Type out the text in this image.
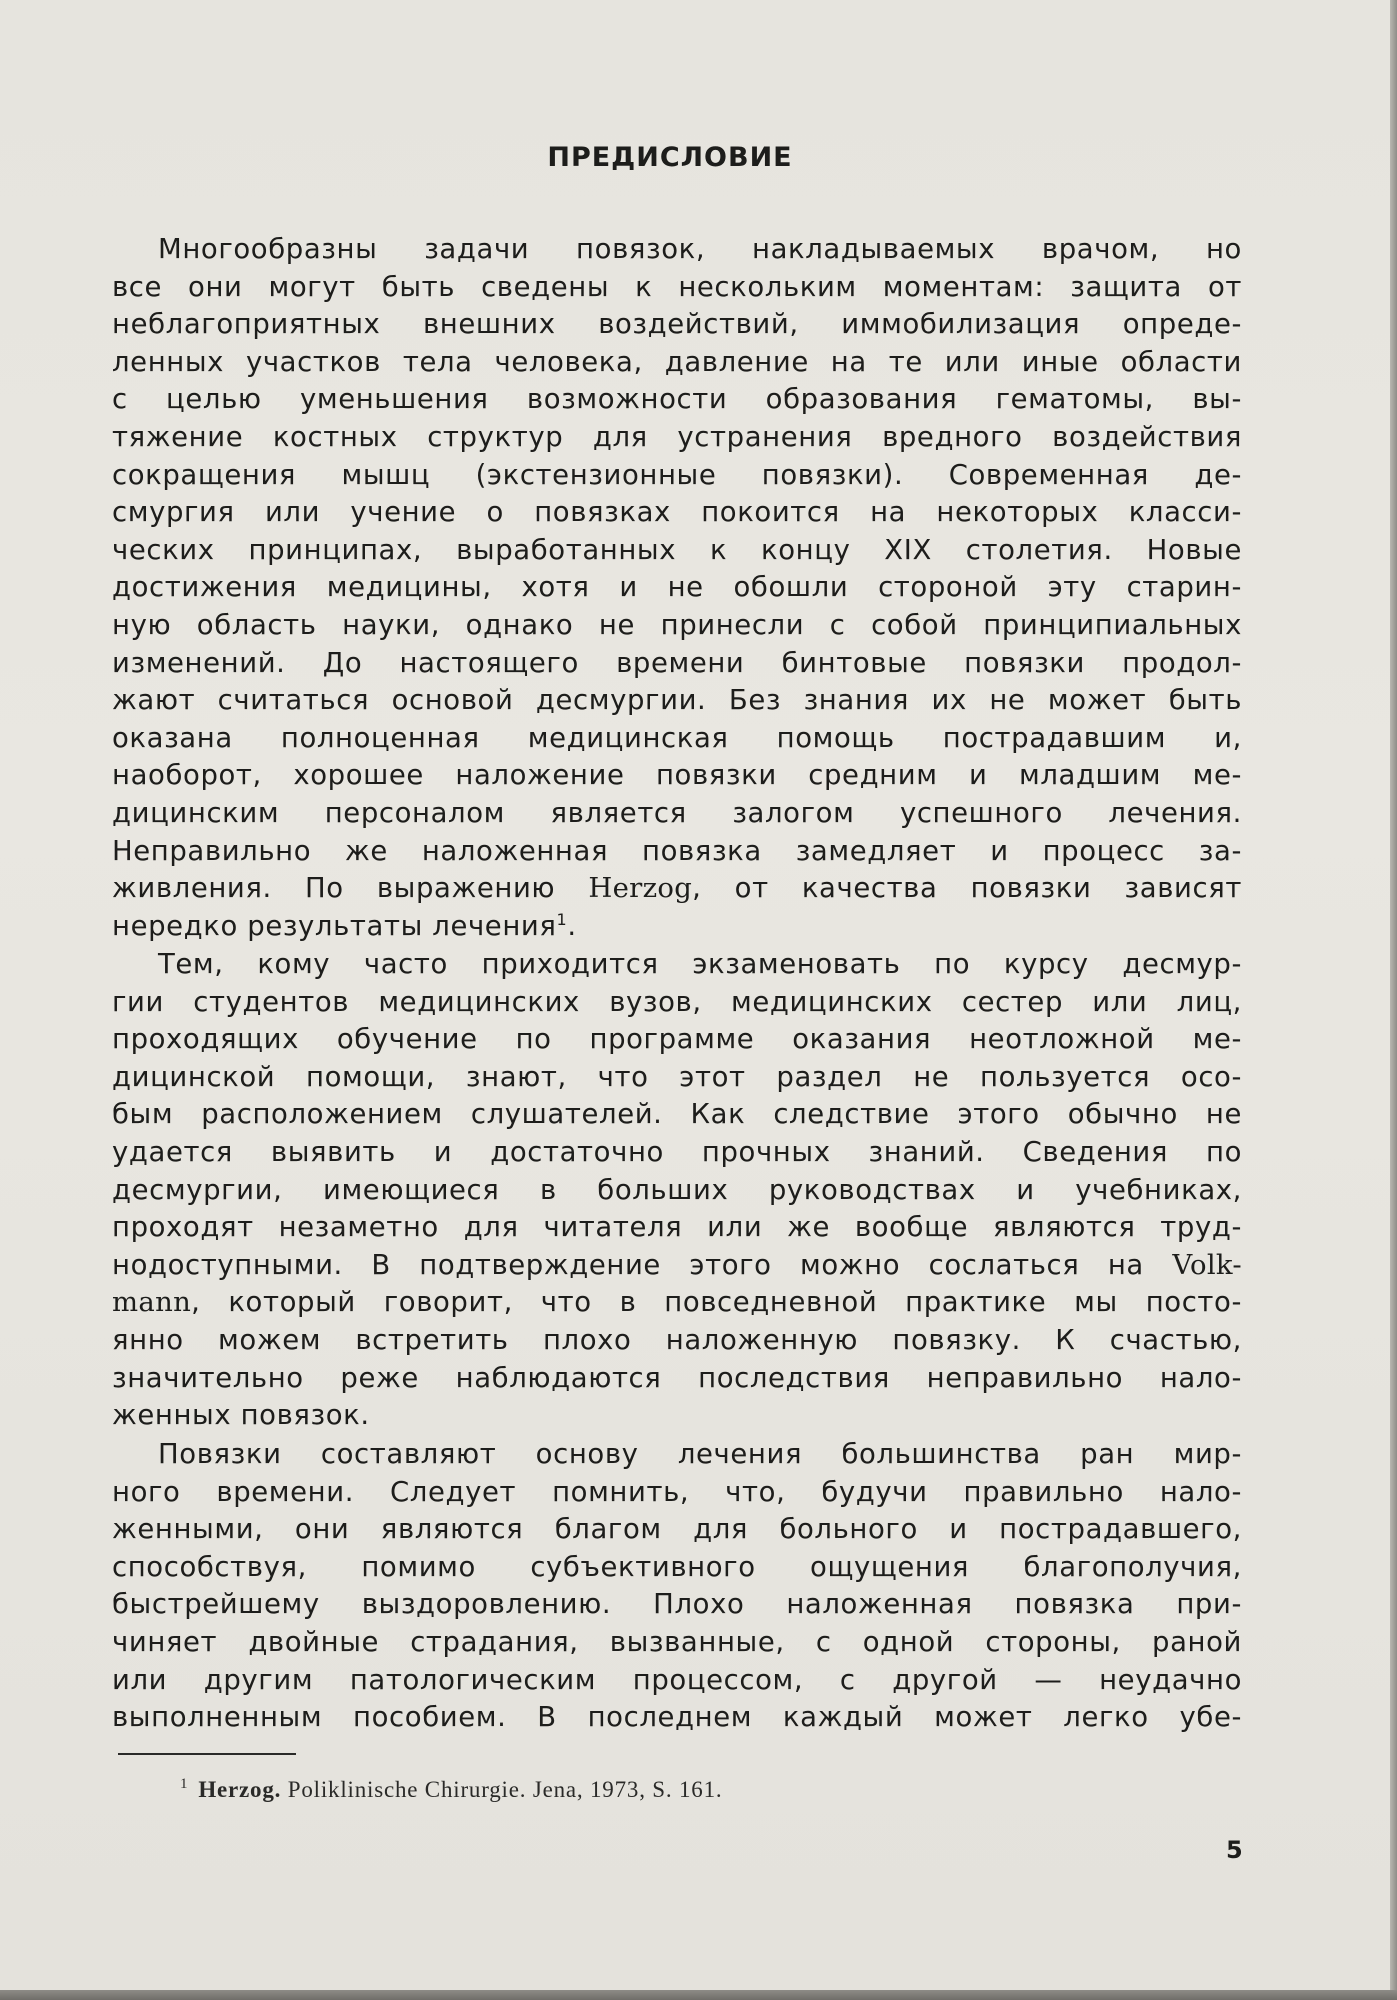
ПРЕДИСЛОВИЕ
Многообразны задачи повязок, накладываемых врачом, но
все они могут быть сведены к нескольким моментам: защита от
неблагоприятных внешних воздействий, иммобилизация опреде-
ленных участков тела человека, давление на те или иные области
с целью уменьшения возможности образования гематомы, вы-
тяжение костных структур для устранения вредного воздействия
сокращения мышц (экстензионные повязки). Современная де-
смургия или учение о повязках покоится на некоторых класси-
ческих принципах, выработанных к концу XIX столетия. Новые
достижения медицины, хотя и не обошли стороной эту старин-
ную область науки, однако не принесли с собой принципиальных
изменений. До настоящего времени бинтовые повязки продол-
жают считаться основой десмургии. Без знания их не может быть
оказана полноценная медицинская помощь пострадавшим и,
наоборот, хорошее наложение повязки средним и младшим ме-
дицинским персоналом является залогом успешного лечения.
Неправильно же наложенная повязка замедляет и процесс за-
живления. По выражению Herzog, от качества повязки зависят
нередко результаты лечения$^1$.
Тем, кому часто приходится экзаменовать по курсу десмур-
гии студентов медицинских вузов, медицинских сестер или лиц,
проходящих обучение по программе оказания неотложной ме-
дицинской помощи, знают, что этот раздел не пользуется осо-
бым расположением слушателей. Как следствие этого обычно не
удается выявить и достаточно прочных знаний. Сведения по
десмургии, имеющиеся в больших руководствах и учебниках,
проходят незаметно для читателя или же вообще являются труд-
нодоступными. В подтверждение этого можно сослаться на Volk-
mann, который говорит, что в повседневной практике мы посто-
янно можем встретить плохо наложенную повязку. К счастью,
значительно реже наблюдаются последствия неправильно нало-
женных повязок.
Повязки составляют основу лечения большинства ран мир-
ного времени. Следует помнить, что, будучи правильно нало-
женными, они являются благом для больного и пострадавшего,
способствуя, помимо субъективного ощущения благополучия,
быстрейшему выздоровлению. Плохо наложенная повязка при-
чиняет двойные страдания, вызванные, с одной стороны, раной
или другим патологическим процессом, с другой — неудачно
выполненным пособием. В последнем каждый может легко убе-
$^1$ Herzog. Poliklinische Chirurgie. Jena, 1973, S. 161.
5
